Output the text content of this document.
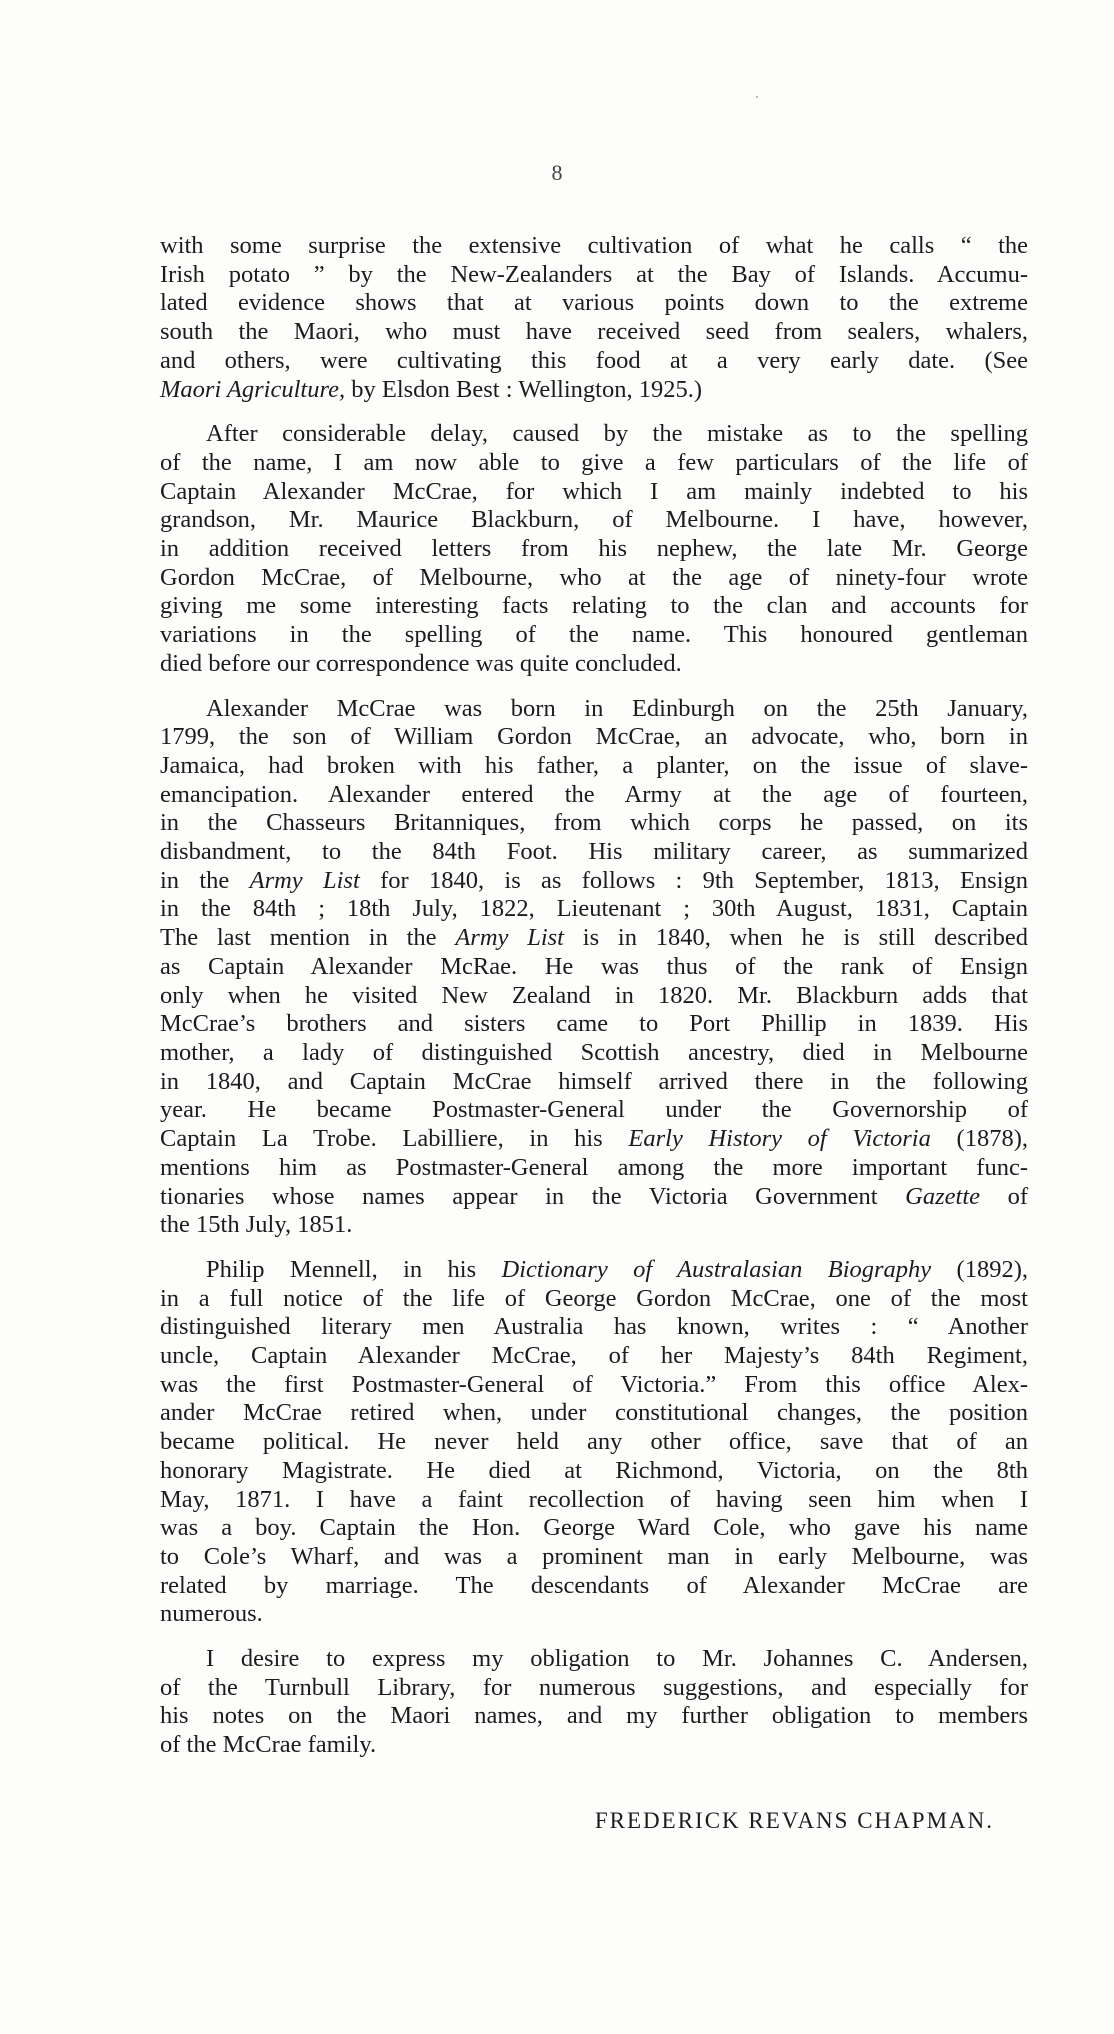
8

with some surprise the extensive cultivation of what he calls “ the
Irish potato ” by the New-Zealanders at the Bay of Islands. Accumu-
lated evidence shows that at various points down to the extreme
south the Maori, who must have received seed from sealers, whalers,
and others, were cultivating this food at a very early date. (See
Maori Agriculture, by Elsdon Best : Wellington, 1925.)

After considerable delay, caused by the mistake as to the spelling
of the name, I am now able to give a few particulars of the life of
Captain Alexander McCrae, for which I am mainly indebted to his
grandson, Mr. Maurice Blackburn, of Melbourne. I have, however,
in addition received letters from his nephew, the late Mr. George
Gordon McCrae, of Melbourne, who at the age of ninety-four wrote
giving me some interesting facts relating to the clan and accounts for
variations in the spelling of the name. This honoured gentleman
died before our correspondence was quite concluded.

Alexander McCrae was born in Edinburgh on the 25th January,
1799, the son of William Gordon McCrae, an advocate, who, born in
Jamaica, had broken with his father, a planter, on the issue of slave-
emancipation. Alexander entered the Army at the age of fourteen,
in the Chasseurs Britanniques, from which corps he passed, on its
disbandment, to the 84th Foot. His military career, as summarized
in the Army List for 1840, is as follows : 9th September, 1813, Ensign
in the 84th ; 18th July, 1822, Lieutenant ; 30th August, 1831, Captain
The last mention in the Army List is in 1840, when he is still described
as Captain Alexander McRae. He was thus of the rank of Ensign
only when he visited New Zealand in 1820. Mr. Blackburn adds that
McCrae’s brothers and sisters came to Port Phillip in 1839. His
mother, a lady of distinguished Scottish ancestry, died in Melbourne
in 1840, and Captain McCrae himself arrived there in the following
year. He became Postmaster-General under the Governorship of
Captain La Trobe. Labilliere, in his Early History of Victoria (1878),
mentions him as Postmaster-General among the more important func-
tionaries whose names appear in the Victoria Government Gazette of
the 15th July, 1851.

Philip Mennell, in his Dictionary of Australasian Biography (1892),
in a full notice of the life of George Gordon McCrae, one of the most
distinguished literary men Australia has known, writes : “ Another
uncle, Captain Alexander McCrae, of her Majesty’s 84th Regiment,
was the first Postmaster-General of Victoria.” From this office Alex-
ander McCrae retired when, under constitutional changes, the position
became political. He never held any other office, save that of an
honorary Magistrate. He died at Richmond, Victoria, on the 8th
May, 1871. I have a faint recollection of having seen him when I
was a boy. Captain the Hon. George Ward Cole, who gave his name
to Cole’s Wharf, and was a prominent man in early Melbourne, was
related by marriage. The descendants of Alexander McCrae are
numerous.

I desire to express my obligation to Mr. Johannes C. Andersen,
of the Turnbull Library, for numerous suggestions, and especially for
his notes on the Maori names, and my further obligation to members
of the McCrae family.

FREDERICK REVANS CHAPMAN.
